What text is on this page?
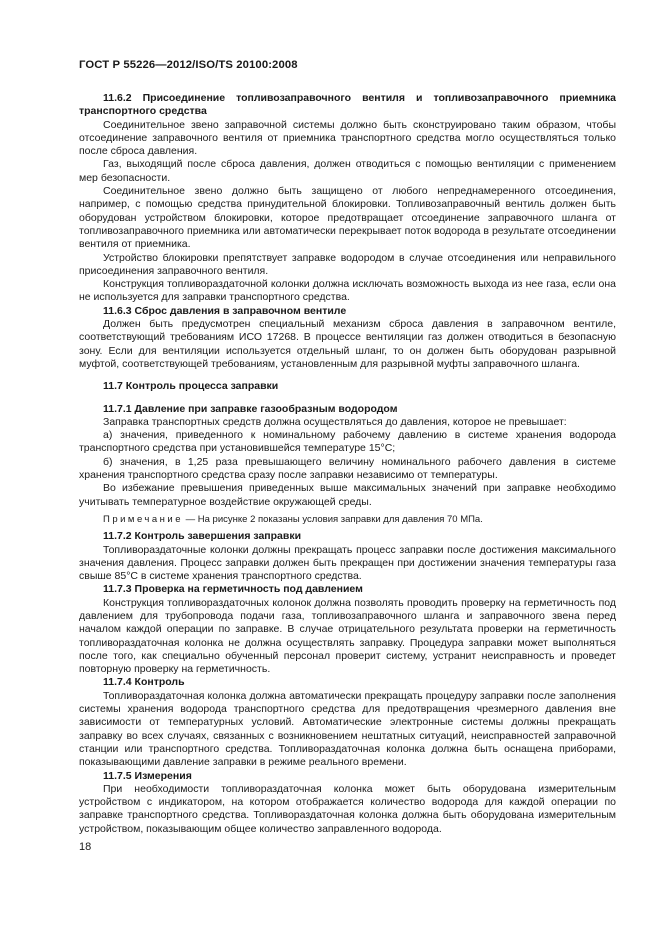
ГОСТ Р 55226—2012/ISO/TS 20100:2008

11.6.2 Присоединение топливозаправочного вентиля и топливозаправочного приемника транспортного средства

Соединительное звено заправочной системы должно быть сконструировано таким образом, чтобы отсоединение заправочного вентиля от приемника транспортного средства могло осуществляться только после сброса давления.

Газ, выходящий после сброса давления, должен отводиться с помощью вентиляции с применением мер безопасности.

Соединительное звено должно быть защищено от любого непреднамеренного отсоединения, например, с помощью средства принудительной блокировки. Топливозаправочный вентиль должен быть оборудован устройством блокировки, которое предотвращает отсоединение заправочного шланга от топливозаправочного приемника или автоматически перекрывает поток водорода в результате отсоединении вентиля от приемника.

Устройство блокировки препятствует заправке водородом в случае отсоединения или неправильного присоединения заправочного вентиля.

Конструкция топливораздаточной колонки должна исключать возможность выхода из нее газа, если она не используется для заправки транспортного средства.

11.6.3 Сброс давления в заправочном вентиле

Должен быть предусмотрен специальный механизм сброса давления в заправочном вентиле, соответствующий требованиям ИСО 17268. В процессе вентиляции газ должен отводиться в безопасную зону. Если для вентиляции используется отдельный шланг, то он должен быть оборудован разрывной муфтой, соответствующей требованиям, установленным для разрывной муфты заправочного шланга.

11.7 Контроль процесса заправки

11.7.1 Давление при заправке газообразным водородом

Заправка транспортных средств должна осуществляться до давления, которое не превышает:

а) значения, приведенного к номинальному рабочему давлению в системе хранения водорода транспортного средства при установившейся температуре 15°С;

б) значения, в 1,25 раза превышающего величину номинального рабочего давления в системе хранения транспортного средства сразу после заправки независимо от температуры.

Во избежание превышения приведенных выше максимальных значений при заправке необходимо учитывать температурное воздействие окружающей среды.

Примечание — На рисунке 2 показаны условия заправки для давления 70 МПа.

11.7.2 Контроль завершения заправки

Топливораздаточные колонки должны прекращать процесс заправки после достижения максимального значения давления. Процесс заправки должен быть прекращен при достижении значения температуры газа свыше 85°С в системе хранения транспортного средства.

11.7.3 Проверка на герметичность под давлением

Конструкция топливораздаточных колонок должна позволять проводить проверку на герметичность под давлением для трубопровода подачи газа, топливозаправочного шланга и заправочного звена перед началом каждой операции по заправке. В случае отрицательного результата проверки на герметичность топливораздаточная колонка не должна осуществлять заправку. Процедура заправки может выполняться после того, как специально обученный персонал проверит систему, устранит неисправность и проведет повторную проверку на герметичность.

11.7.4 Контроль

Топливораздаточная колонка должна автоматически прекращать процедуру заправки после заполнения системы хранения водорода транспортного средства для предотвращения чрезмерного давления вне зависимости от температурных условий. Автоматические электронные системы должны прекращать заправку во всех случаях, связанных с возникновением нештатных ситуаций, неисправностей заправочной станции или транспортного средства. Топливораздаточная колонка должна быть оснащена приборами, показывающими давление заправки в режиме реального времени.

11.7.5 Измерения

При необходимости топливораздаточная колонка может быть оборудована измерительным устройством с индикатором, на котором отображается количество водорода для каждой операции по заправке транспортного средства. Топливораздаточная колонка должна быть оборудована измерительным устройством, показывающим общее количество заправленного водорода.

18
